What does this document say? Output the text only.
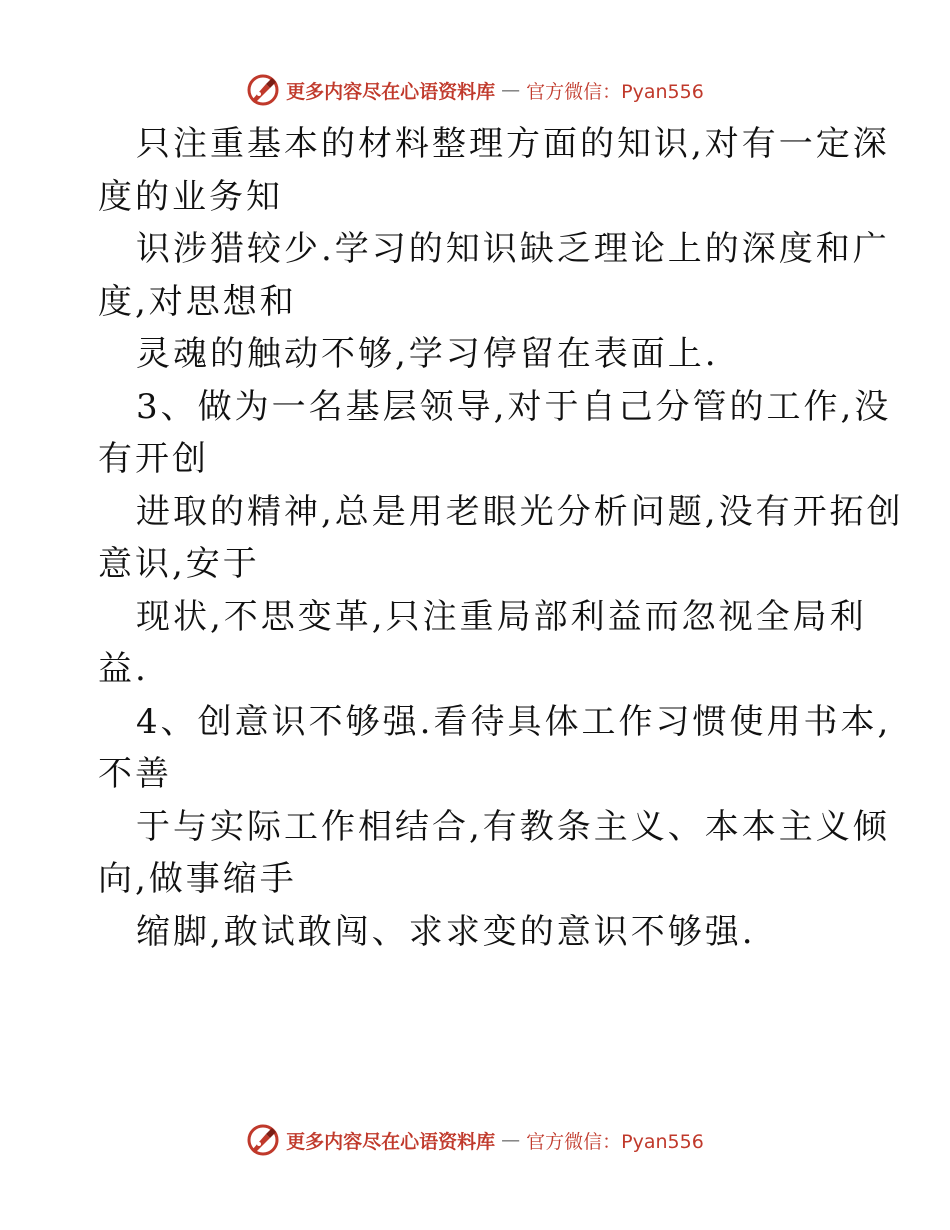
更多内容尽在心语资料库 — 官方微信：Pyan556
只注重基本的材料整理方面的知识,对有一定深
度的业务知
识涉猎较少.学习的知识缺乏理论上的深度和广
度,对思想和
灵魂的触动不够,学习停留在表面上.
3、做为一名基层领导,对于自己分管的工作,没
有开创
进取的精神,总是用老眼光分析问题,没有开拓创
意识,安于
现状,不思变革,只注重局部利益而忽视全局利
益.
4、创意识不够强.看待具体工作习惯使用书本,
不善
于与实际工作相结合,有教条主义、本本主义倾
向,做事缩手
缩脚,敢试敢闯、求求变的意识不够强.
更多内容尽在心语资料库 — 官方微信：Pyan556
